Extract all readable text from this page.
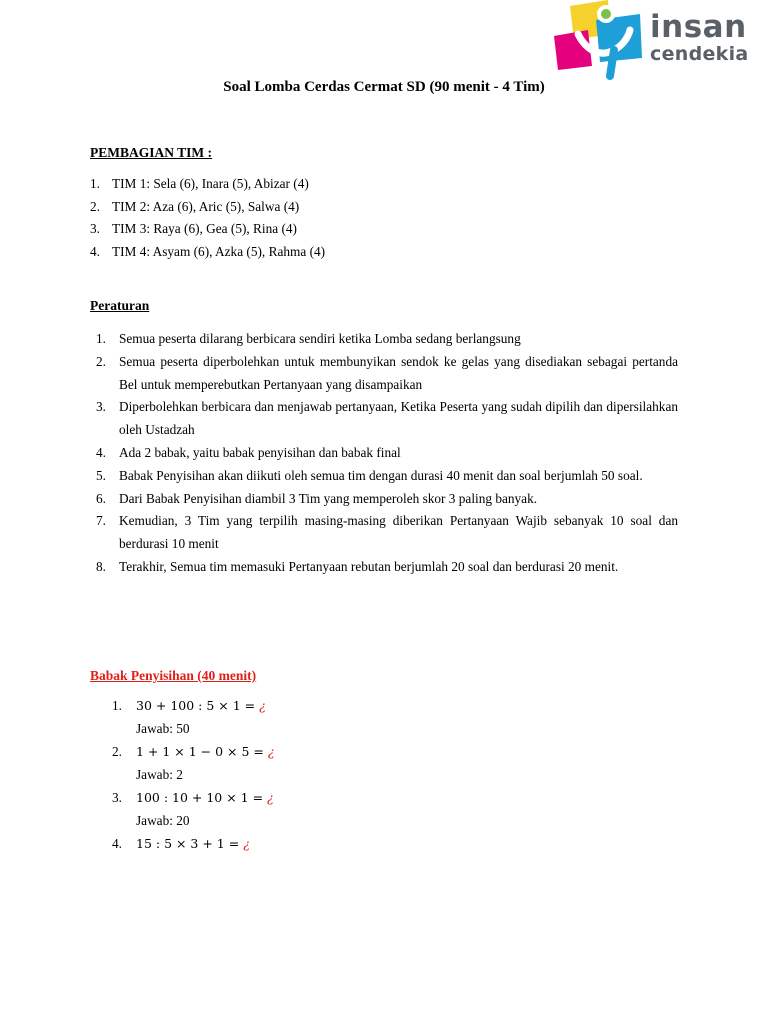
insan
cendekia
Soal Lomba Cerdas Cermat SD (90 menit - 4 Tim)
PEMBAGIAN TIM :
1. TIM 1: Sela (6), Inara (5), Abizar (4)
2. TIM 2: Aza (6), Aric (5), Salwa (4)
3. TIM 3: Raya (6), Gea (5), Rina (4)
4. TIM 4: Asyam (6), Azka (5), Rahma (4)
Peraturan
1. Semua peserta dilarang berbicara sendiri ketika Lomba sedang berlangsung
2. Semua peserta diperbolehkan untuk membunyikan sendok ke gelas yang disediakan sebagai pertanda Bel untuk memperebutkan Pertanyaan yang disampaikan
3. Diperbolehkan berbicara dan menjawab pertanyaan, Ketika Peserta yang sudah dipilih dan dipersilahkan oleh Ustadzah
4. Ada 2 babak, yaitu babak penyisihan dan babak final
5. Babak Penyisihan akan diikuti oleh semua tim dengan durasi 40 menit dan soal berjumlah 50 soal.
6. Dari Babak Penyisihan diambil 3 Tim yang memperoleh skor 3 paling banyak.
7. Kemudian, 3 Tim yang terpilih masing-masing diberikan Pertanyaan Wajib sebanyak 10 soal dan berdurasi 10 menit
8. Terakhir, Semua tim memasuki Pertanyaan rebutan berjumlah 20 soal dan berdurasi 20 menit.
Babak Penyisihan (40 menit)
1. 30 + 100 : 5 × 1 = ¿
Jawab: 50
2. 1 + 1 × 1 − 0 × 5 = ¿
Jawab: 2
3. 100 : 10 + 10 × 1 = ¿
Jawab: 20
4. 15 : 5 × 3 + 1 = ¿
